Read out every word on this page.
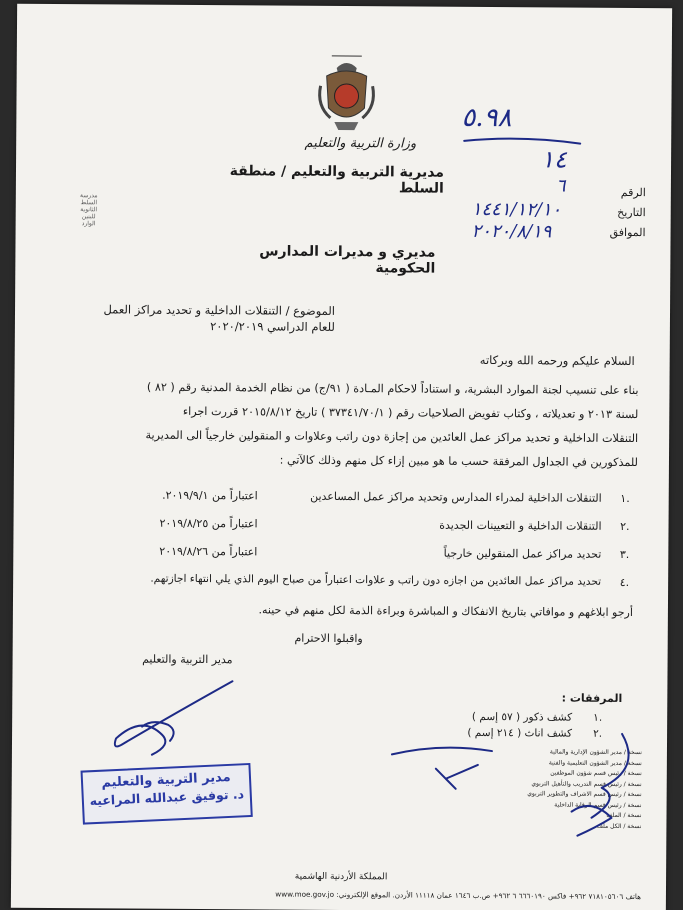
وزارة التربية والتعليم
مديرية التربية والتعليم / منطقة السلط
٥.٩٨
١٤
الرقم
التاريخ
الموافق
٦
١٤٤١/١٢/١٠
٢٠٢٠/٨/١٩
مدرسة
السلط
الثانوية
للبنين
الوارد
مديري و مديرات المدارس الحكومية
الموضوع / التنقلات الداخلية و تحديد مراكز العمل
للعام الدراسي ٢٠٢٠/٢٠١٩
السلام عليكم ورحمه الله وبركاته
بناء على تنسيب لجنة الموارد البشرية، و استناداً لاحكام المـادة ( ٩١/ج) من نظام الخدمة المدنية رقم ( ٨٢ )
لسنة ٢٠١٣ و تعديلاته ، وكتاب تفويض الصلاحيات رقم ( ٣٧٣٤١/٧٠/١ ) تاريخ ٢٠١٥/٨/١٢ قررت اجراء
التنقلات الداخلية و تحديد مراكز عمل العائدين من إجازة دون راتب وعلاوات و المنقولين خارجياً الى المديرية
للمذكورين في الجداول المرفقة حسب ما هو مبين إزاء كل منهم وذلك كالآتي :
.١
التنقلات الداخلية لمدراء المدارس وتحديد مراكز عمل المساعدين
اعتباراً من ٢٠١٩/٩/١.
.٢
التنقلات الداخلية و التعيينات الجديدة
اعتباراً من ٢٠١٩/٨/٢٥
.٣
تحديد مراكز عمل المنقولين خارجياً
اعتباراً من ٢٠١٩/٨/٢٦
.٤
تحديد مراكز عمل العائدين من اجازه دون راتب و علاوات اعتباراً من صباح اليوم الذي يلي انتهاء اجازتهم.
أرجو ابلاغهم و موافاتي بتاريخ الانفكاك و المباشرة وبراءة الذمة لكل منهم في حينه.
واقبلوا الاحترام
مدير التربية والتعليم
مدير التربية والتعليم
د. توفيق عبدالله المراعيه
المرفقات :
كشف ذكور ( ٥٧ إسم )	.١
كشف اناث ( ٢١٤ إسم )	.٢
نسخة / مدير الشؤون الإدارية والمالية
نسخة / مدير الشؤون التعليمية والفنية
نسخة / رئيس قسم شؤون الموظفين
نسخة / رئيس قسم التدريب والتأهيل التربوي
نسخة / رئيس قسم الاشراف والتطوير التربوي
نسخة / رئيس قسم الرقابة الداخلية
نسخة / الملف
نسخة / الكل ملف
المملكة الأردنية الهاشمية
هاتف ٧١٨١٠٥٦٠٦ ٩٦٢+ فاكس ٦٦٦٠١٩٠ ٦ ٩٦٢+ ص.ب ١٦٤٦ عمان ١١١١٨ الأردن. الموقع الإلكتروني: www.moe.gov.jo
